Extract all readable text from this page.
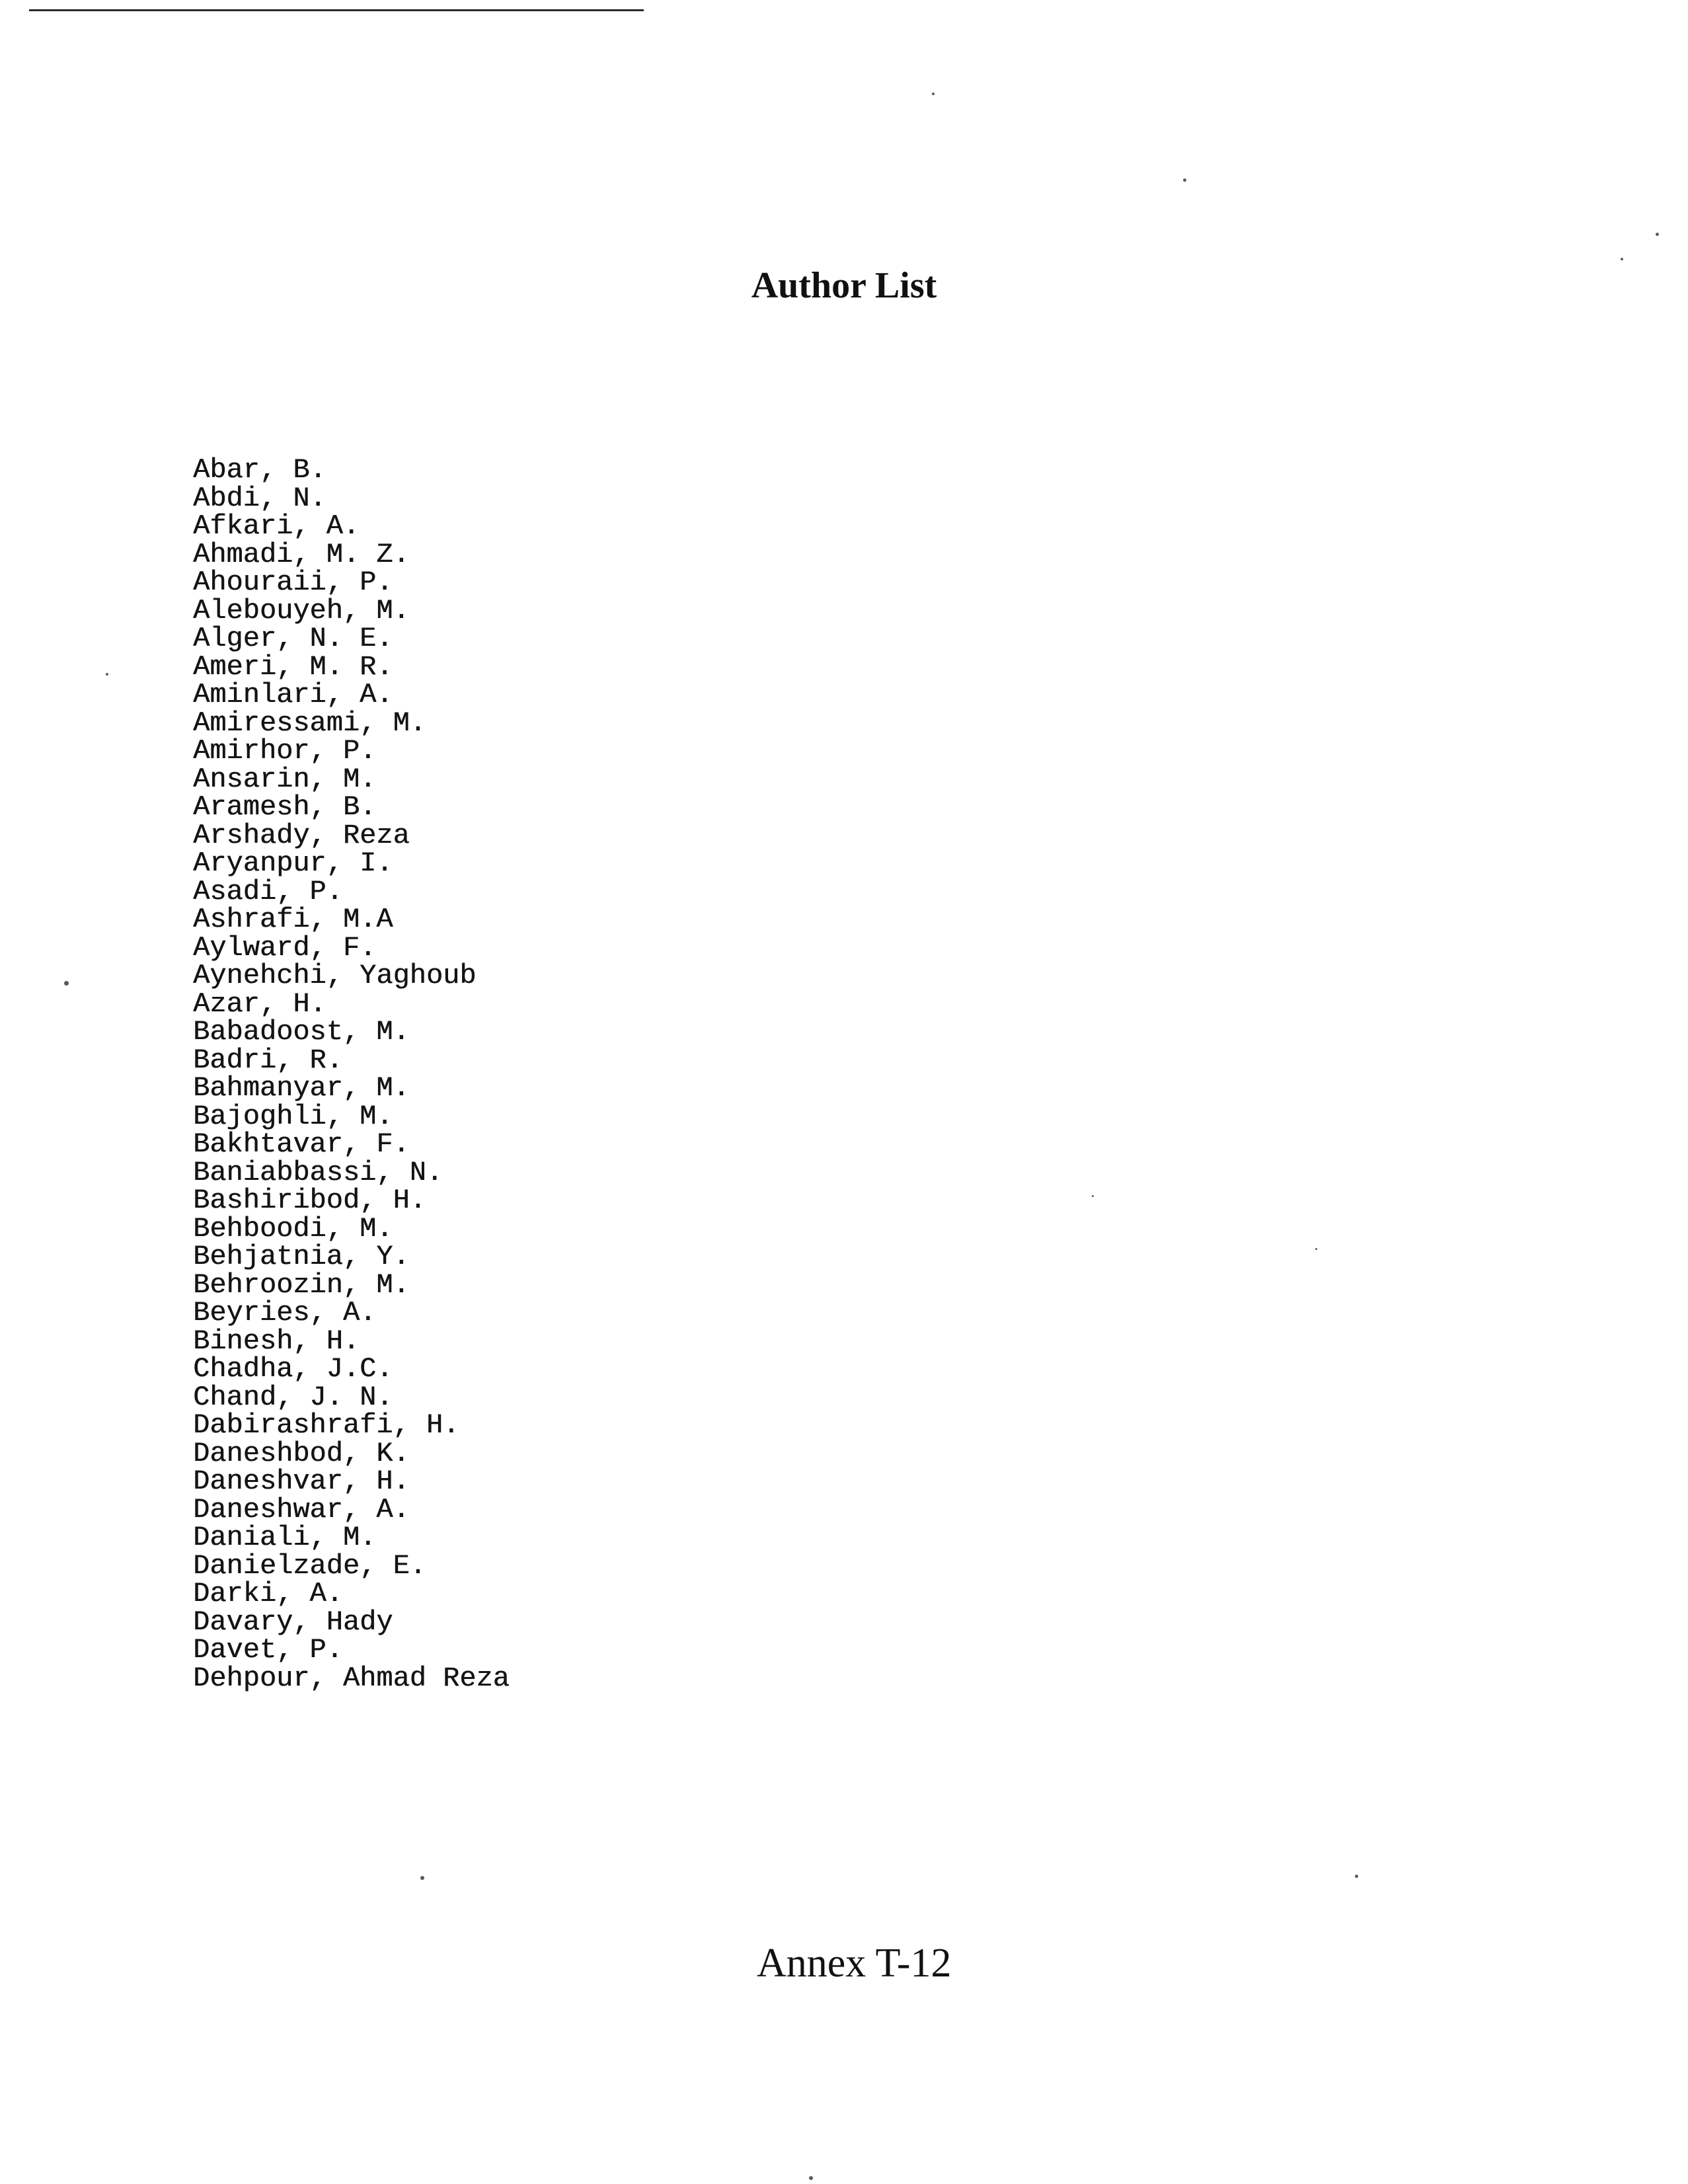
Author List
Abar, B.
Abdi, N.
Afkari, A.
Ahmadi, M. Z.
Ahouraii, P.
Alebouyeh, M.
Alger, N. E.
Ameri, M. R.
Aminlari, A.
Amiressami, M.
Amirhor, P.
Ansarin, M.
Aramesh, B.
Arshady, Reza
Aryanpur, I.
Asadi, P.
Ashrafi, M.A
Aylward, F.
Aynehchi, Yaghoub
Azar, H.
Babadoost, M.
Badri, R.
Bahmanyar, M.
Bajoghli, M.
Bakhtavar, F.
Baniabbassi, N.
Bashiribod, H.
Behboodi, M.
Behjatnia, Y.
Behroozin, M.
Beyries, A.
Binesh, H.
Chadha, J.C.
Chand, J. N.
Dabirashrafi, H.
Daneshbod, K.
Daneshvar, H.
Daneshwar, A.
Daniali, M.
Danielzade, E.
Darki, A.
Davary, Hady
Davet, P.
Dehpour, Ahmad Reza
Annex T-12
